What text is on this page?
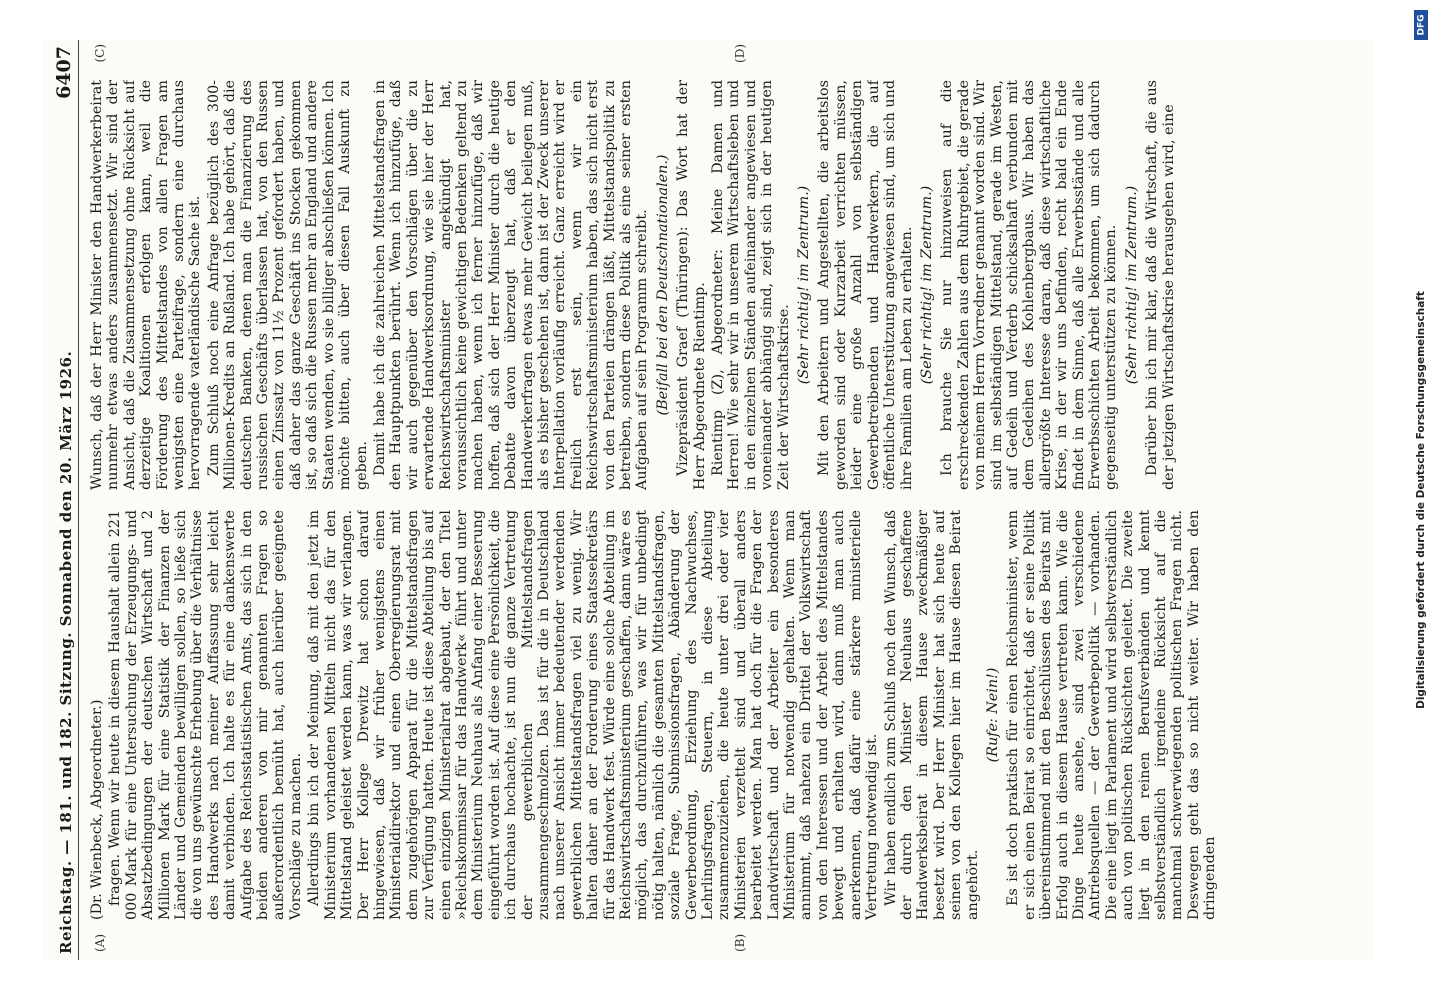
Reichstag. — 181. und 182. Sitzung. Sonnabend den 20. März 1926.
6407
(A)	(B)
(C)	(D)

(Dr. Wienbeck, Abgeordneter.) fragen. Wenn wir heute in diesem Haushalt allein 221 000 Mark für eine Untersuchung der Erzeugungs- und Absatzbedingungen der deutschen Wirtschaft und 2 Millionen Mark für eine Statistik der Finanzen der Länder und Gemeinden bewilligen sollen, so ließe sich die von uns gewünschte Erhebung über die Verhältnisse des Handwerks nach meiner Auffassung sehr leicht damit verbinden. Ich halte es für eine dankenswerte Aufgabe des Reichsstatistischen Amts, das sich in den beiden anderen von mir genannten Fragen so außerordentlich bemüht hat, auch hierüber geeignete Vorschläge zu machen. Allerdings bin ich der Meinung, daß mit den jetzt im Ministerium vorhandenen Mitteln nicht das für den Mittelstand geleistet werden kann, was wir verlangen. Der Herr Kollege Drewitz hat schon darauf hingewiesen, daß wir früher wenigstens einen Ministerialdirektor und einen Oberregierungsrat mit dem zugehörigen Apparat für die Mittelstandsfragen zur Verfügung hatten. Heute ist diese Abteilung bis auf einen einzigen Ministerialrat abgebaut, der den Titel »Reichskommissar für das Handwerk« führt und unter dem Ministerium Neuhaus als Anfang einer Besserung eingeführt worden ist. Auf diese eine Persönlichkeit, die ich durchaus hochachte, ist nun die ganze Vertretung der gewerblichen Mittelstandsfragen zusammengeschmolzen. Das ist für die in Deutschland nach unserer Ansicht immer bedeutender werdenden gewerblichen Mittelstandsfragen viel zu wenig. Wir halten daher an der Forderung eines Staatssekretärs für das Handwerk fest. Würde eine solche Abteilung im Reichswirtschaftsministerium geschaffen, dann wäre es möglich, das durchzuführen, was wir für unbedingt nötig halten, nämlich die gesamten Mittelstandsfragen, soziale Frage, Submissionsfragen, Abänderung der Gewerbeordnung, Erziehung des Nachwuchses, Lehrlingsfragen, Steuern, in diese Abteilung zusammenzuziehen, die heute unter drei oder vier Ministerien verzettelt sind und überall anders bearbeitet werden. Man hat doch für die Fragen der Landwirtschaft und der Arbeiter ein besonderes Ministerium für notwendig gehalten. Wenn man annimmt, daß nahezu ein Drittel der Volkswirtschaft von den Interessen und der Arbeit des Mittelstandes bewegt und erhalten wird, dann muß man auch anerkennen, daß dafür eine stärkere ministerielle Vertretung notwendig ist. Wir haben endlich zum Schluß noch den Wunsch, daß der durch den Minister Neuhaus geschaffene Handwerksbeirat in diesem Hause zweckmäßiger besetzt wird. Der Herr Minister hat sich heute auf seinen von den Kollegen hier im Hause diesen Beirat angehört.

(Rufe: Nein!) Es ist doch praktisch für einen Reichsminister, wenn er sich einen Beirat so einrichtet, daß er seine Politik übereinstimmend mit den Beschlüssen des Beirats mit Erfolg auch in diesem Hause vertreten kann. Wie die Dinge heute ansehe, sind zwei verschiedene Antriebsquellen — der Gewerbepolitik — vorhanden. Die eine liegt im Parlament und wird selbstverständlich auch von politischen Rücksichten geleitet. Die zweite liegt in den reinen Berufsverbänden und kennt selbstverständlich irgendeine Rücksicht auf die manchmal schwerwiegenden politischen Fragen nicht. Deswegen geht das so nicht weiter. Wir haben den dringenden

Wunsch, daß der Herr Minister den Handwerkerbeirat nunmehr etwas anders zusammensetzt. Wir sind der Ansicht, daß die Zusammensetzung ohne Rücksicht auf derzeitige Koalitionen erfolgen kann, weil die Förderung des Mittelstandes von allen Fragen am wenigsten eine Parteifrage, sondern eine durchaus hervorragende vaterländische Sache ist. Zum Schluß noch eine Anfrage bezüglich des 300-Millionen-Kredits an Rußland. Ich habe gehört, daß die deutschen Banken, denen man die Finanzierung des russischen Geschäfts überlassen hat, von den Russen einen Zinssatz von 11½ Prozent gefordert haben, und daß daher das ganze Geschäft ins Stocken gekommen ist, so daß sich die Russen mehr an England und andere Staaten wenden, wo sie billiger abschließen können. Ich möchte bitten, auch über diesen Fall Auskunft zu geben. Damit habe ich die zahlreichen Mittelstandsfragen in den Hauptpunkten berührt. Wenn ich hinzufüge, daß wir auch gegenüber den Vorschlägen über die zu erwartende Handwerksordnung, wie sie hier der Herr Reichswirtschaftsminister angekündigt hat, voraussichtlich keine gewichtigen Bedenken geltend zu machen haben, wenn ich ferner hinzufüge, daß wir hoffen, daß sich der Herr Minister durch die heutige Debatte davon überzeugt hat, daß er den Handwerkerfragen etwas mehr Gewicht beilegen muß, als es bisher geschehen ist, dann ist der Zweck unserer Interpellation vorläufig erreicht. Ganz erreicht wird er freilich erst sein, wenn wir ein Reichswirtschaftsministerium haben, das sich nicht erst von den Parteien drängen läßt, Mittelstandspolitik zu betreiben, sondern diese Politik als eine seiner ersten Aufgaben auf sein Programm schreibt. (Beifall bei den Deutschnationalen.) Vizepräsident Graef (Thüringen): Das Wort hat der Herr Abgeordnete Rientimp. Rientimp (Z), Abgeordneter: Meine Damen und Herren! Wie sehr wir in unserem Wirtschaftsleben und in den einzelnen Ständen aufeinander angewiesen und voneinander abhängig sind, zeigt sich in der heutigen Zeit der Wirtschaftskrise.

(Sehr richtig! im Zentrum.) Mit den Arbeitern und Angestellten, die arbeitslos geworden sind oder Kurzarbeit verrichten müssen, leider eine große Anzahl von selbständigen Gewerbetreibenden und Handwerkern, die auf öffentliche Unterstützung angewiesen sind, um sich und ihre Familien am Leben zu erhalten. (Sehr richtig! im Zentrum.) Ich brauche Sie nur hinzuweisen auf die erschreckenden Zahlen aus dem Ruhrgebiet, die gerade von meinem Herrn Vorredner genannt worden sind. Wir sind im selbständigen Mittelstand, gerade im Westen, auf Gedeih und Verderb schicksalhaft verbunden mit dem Gedeihen des Kohlenbergbaus. Wir haben das allergrößte Interesse daran, daß diese wirtschaftliche Krise, in der wir uns befinden, recht bald ein Ende findet in dem Sinne, daß alle Erwerbsstände und alle Erwerbsschichten Arbeit bekommen, um sich dadurch gegenseitig unterstützen zu können. (Sehr richtig! im Zentrum.) Darüber bin ich mir klar, daß die Wirtschaft, die aus der jetzigen Wirtschaftskrise herausgehen wird, eine

DFG
Digitalisierung gefördert durch die Deutsche Forschungsgemeinschaft
